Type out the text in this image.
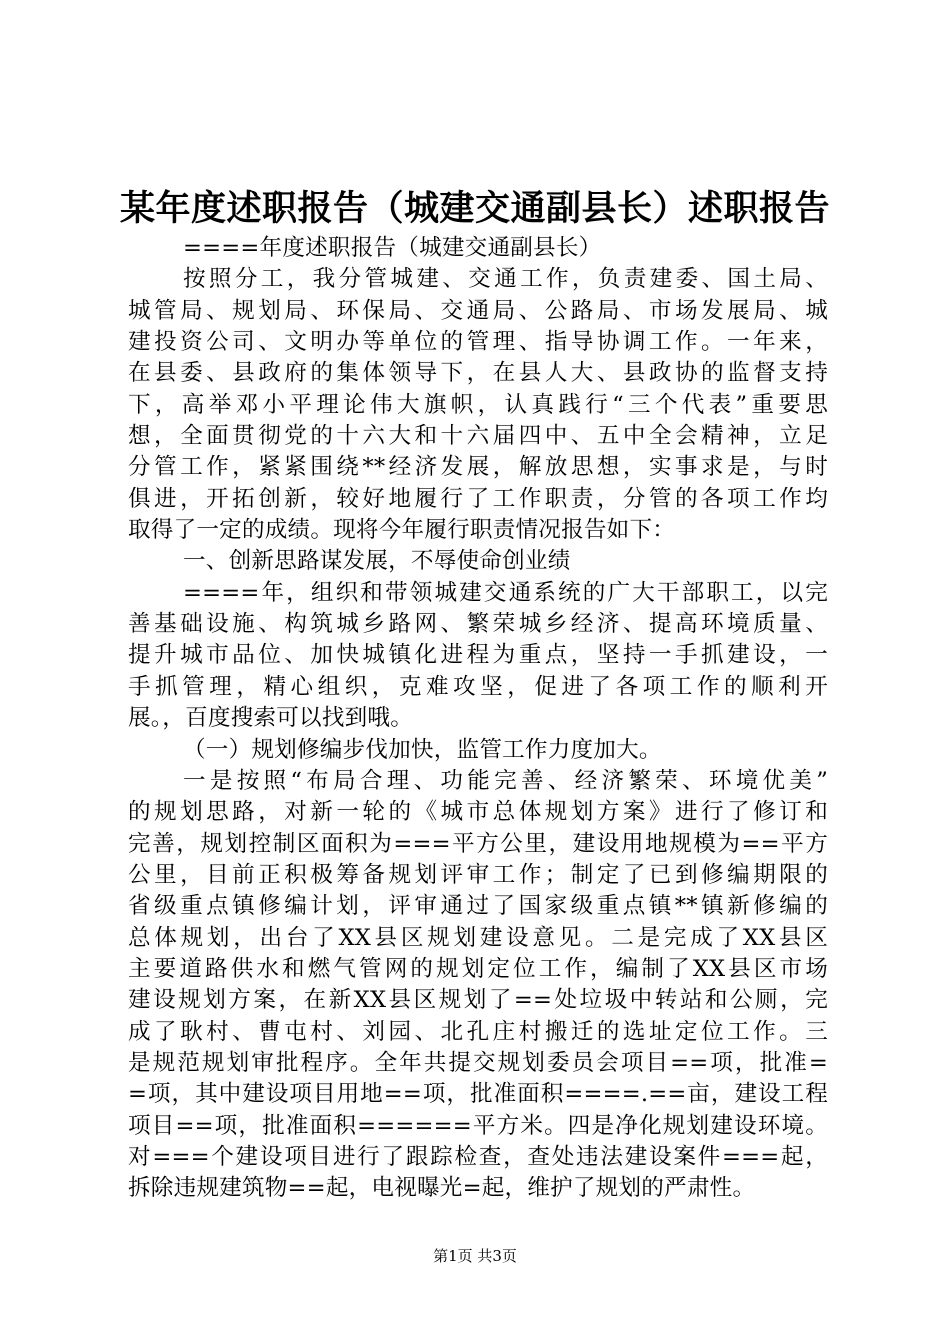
某年度述职报告（城建交通副县长）述职报告
====年度述职报告（城建交通副县长）
按照分工，我分管城建、交通工作，负责建委、国土局、
城管局、规划局、环保局、交通局、公路局、市场发展局、城
建投资公司、文明办等单位的管理、指导协调工作。一年来，
在县委、县政府的集体领导下，在县人大、县政协的监督支持
下，高举邓小平理论伟大旗帜，认真践行“三个代表”重要思
想，全面贯彻党的十六大和十六届四中、五中全会精神，立足
分管工作，紧紧围绕**经济发展，解放思想，实事求是，与时
俱进，开拓创新，较好地履行了工作职责，分管的各项工作均
取得了一定的成绩。现将今年履行职责情况报告如下：
一、创新思路谋发展，不辱使命创业绩
====年，组织和带领城建交通系统的广大干部职工，以完
善基础设施、构筑城乡路网、繁荣城乡经济、提高环境质量、
提升城市品位、加快城镇化进程为重点，坚持一手抓建设，一
手抓管理，精心组织，克难攻坚，促进了各项工作的顺利开
展。，百度搜索可以找到哦。
（一）规划修编步伐加快，监管工作力度加大。
一是按照“布局合理、功能完善、经济繁荣、环境优美”
的规划思路，对新一轮的《城市总体规划方案》进行了修订和
完善，规划控制区面积为===平方公里，建设用地规模为==平方
公里，目前正积极筹备规划评审工作；制定了已到修编期限的
省级重点镇修编计划，评审通过了国家级重点镇**镇新修编的
总体规划，出台了XX县区规划建设意见。二是完成了XX县区
主要道路供水和燃气管网的规划定位工作，编制了XX县区市场
建设规划方案，在新XX县区规划了==处垃圾中转站和公厕，完
成了耿村、曹屯村、刘园、北孔庄村搬迁的选址定位工作。三
是规范规划审批程序。全年共提交规划委员会项目==项，批准=
=项，其中建设项目用地==项，批准面积====.==亩，建设工程
项目==项，批准面积======平方米。四是净化规划建设环境。
对===个建设项目进行了跟踪检查，查处违法建设案件===起，
拆除违规建筑物==起，电视曝光=起，维护了规划的严肃性。
第1页 共3页
